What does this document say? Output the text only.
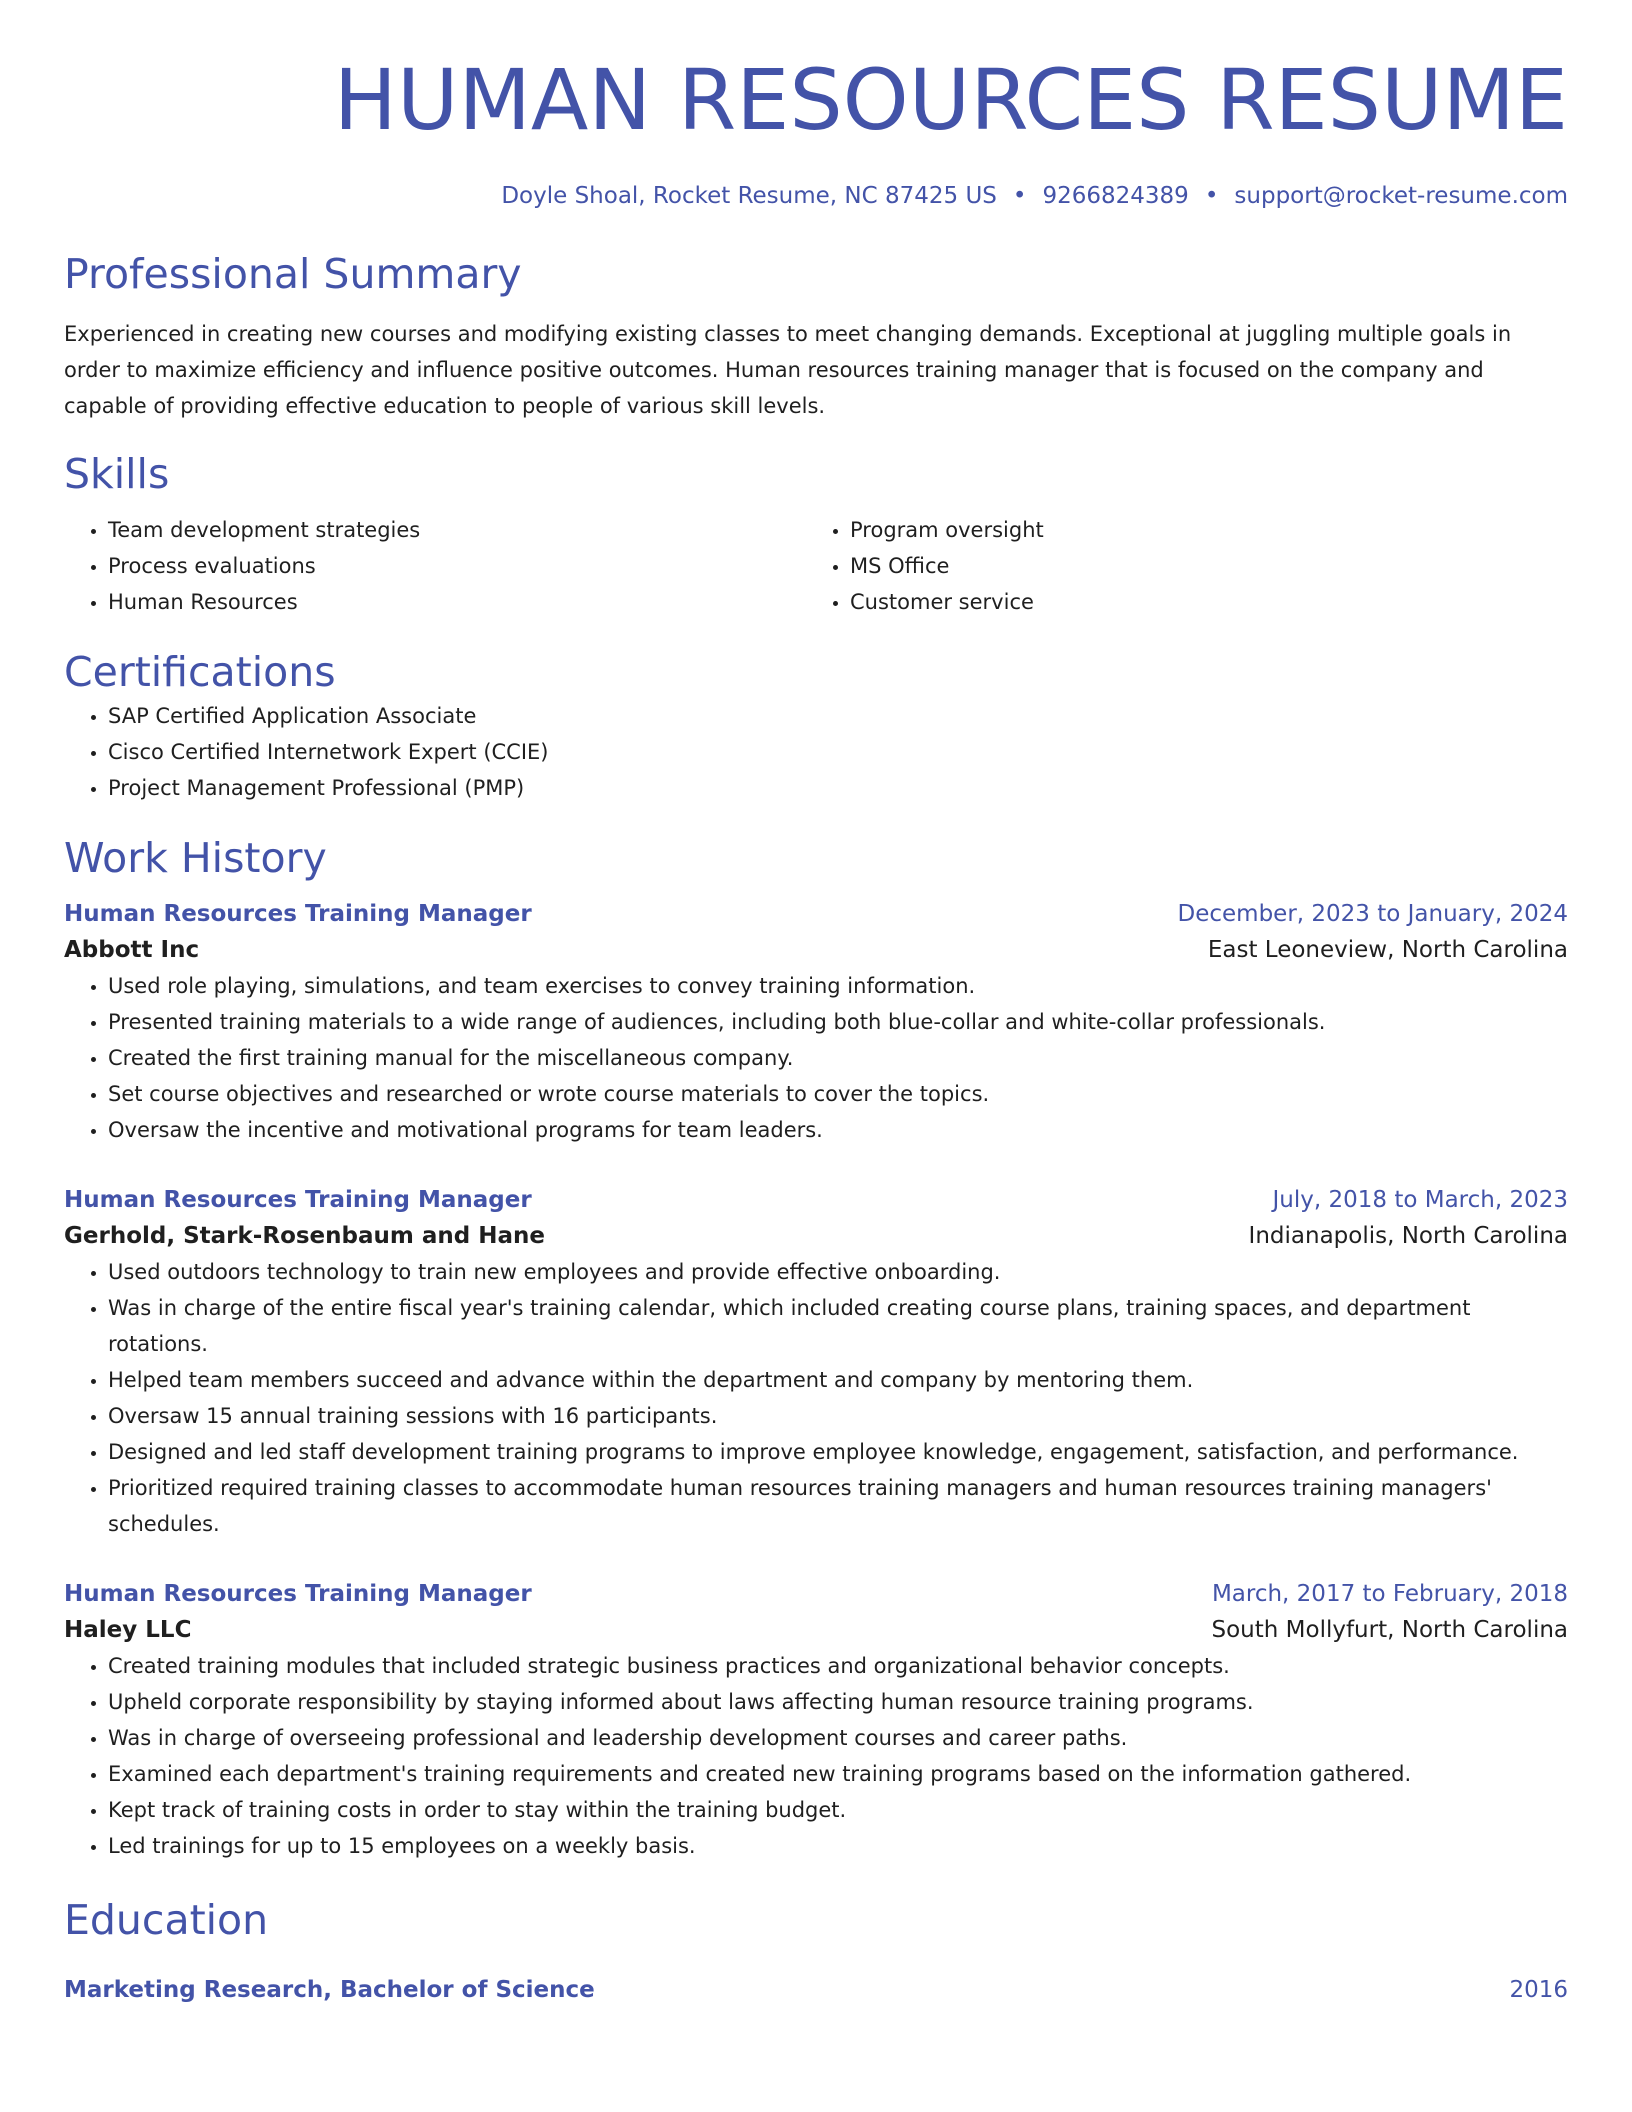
HUMAN RESOURCES RESUME
Doyle Shoal, Rocket Resume, NC 87425 US • 9266824389 • support@rocket-resume.com
Professional Summary
Experienced in creating new courses and modifying existing classes to meet changing demands. Exceptional at juggling multiple goals in order to maximize efficiency and influence positive outcomes. Human resources training manager that is focused on the company and capable of providing effective education to people of various skill levels.
Skills
• Team development strategies
• Process evaluations
• Human Resources
• Program oversight
• MS Office
• Customer service
Certifications
• SAP Certified Application Associate
• Cisco Certified Internetwork Expert (CCIE)
• Project Management Professional (PMP)
Work History
Human Resources Training Manager	December, 2023 to January, 2024
Abbott Inc	East Leoneview, North Carolina
• Used role playing, simulations, and team exercises to convey training information.
• Presented training materials to a wide range of audiences, including both blue-collar and white-collar professionals.
• Created the first training manual for the miscellaneous company.
• Set course objectives and researched or wrote course materials to cover the topics.
• Oversaw the incentive and motivational programs for team leaders.
Human Resources Training Manager	July, 2018 to March, 2023
Gerhold, Stark-Rosenbaum and Hane	Indianapolis, North Carolina
• Used outdoors technology to train new employees and provide effective onboarding.
• Was in charge of the entire fiscal year's training calendar, which included creating course plans, training spaces, and department rotations.
• Helped team members succeed and advance within the department and company by mentoring them.
• Oversaw 15 annual training sessions with 16 participants.
• Designed and led staff development training programs to improve employee knowledge, engagement, satisfaction, and performance.
• Prioritized required training classes to accommodate human resources training managers and human resources training managers' schedules.
Human Resources Training Manager	March, 2017 to February, 2018
Haley LLC	South Mollyfurt, North Carolina
• Created training modules that included strategic business practices and organizational behavior concepts.
• Upheld corporate responsibility by staying informed about laws affecting human resource training programs.
• Was in charge of overseeing professional and leadership development courses and career paths.
• Examined each department's training requirements and created new training programs based on the information gathered.
• Kept track of training costs in order to stay within the training budget.
• Led trainings for up to 15 employees on a weekly basis.
Education
Marketing Research, Bachelor of Science	2016
